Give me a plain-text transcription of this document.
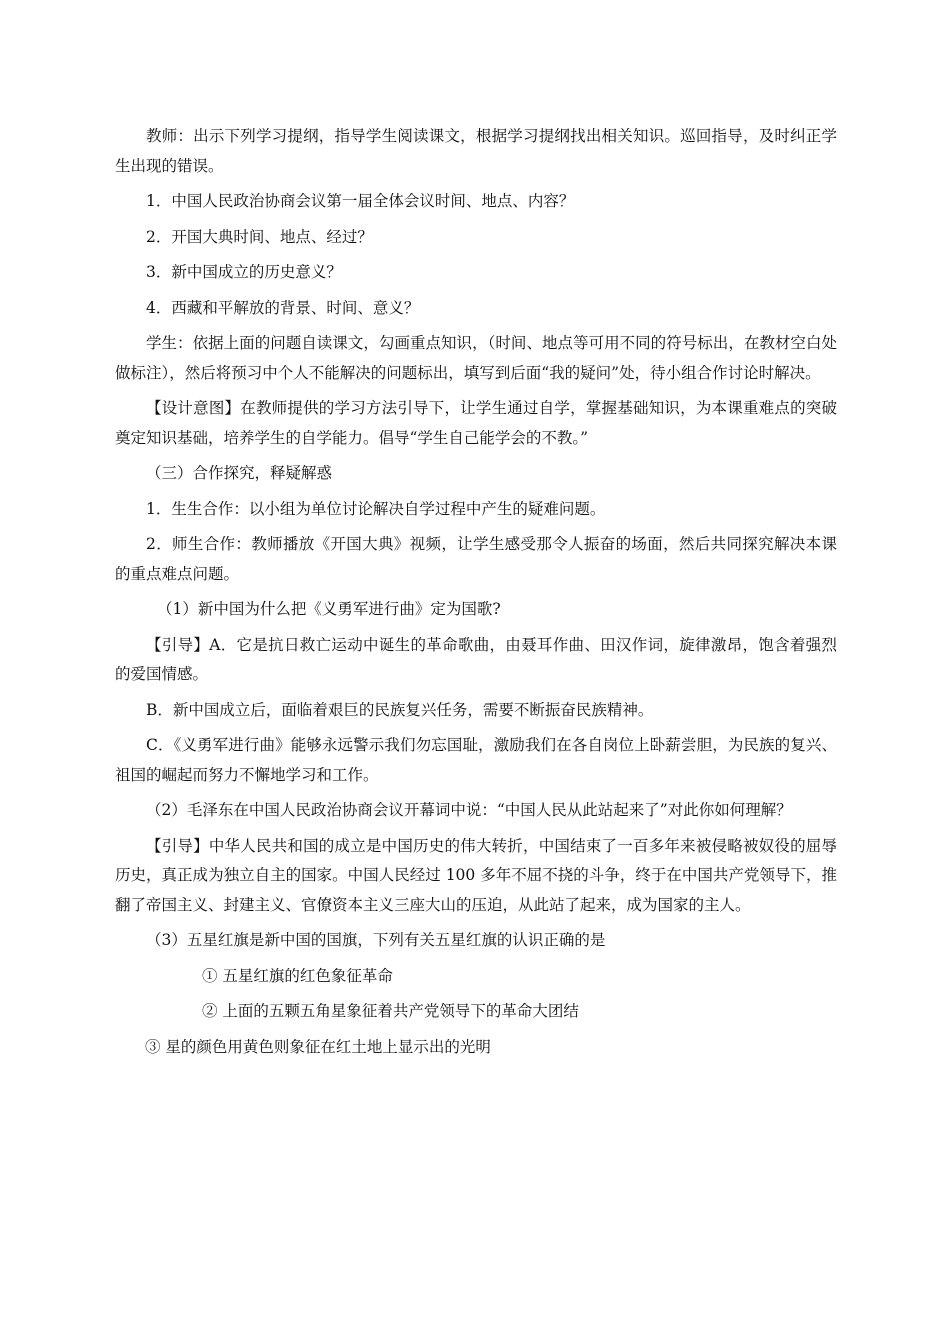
教师：出示下列学习提纲，指导学生阅读课文，根据学习提纲找出相关知识。巡回指导，及时纠正学生出现的错误。

1．中国人民政治协商会议第一届全体会议时间、地点、内容？

2．开国大典时间、地点、经过？

3．新中国成立的历史意义？

4．西藏和平解放的背景、时间、意义？

学生：依据上面的问题自读课文，勾画重点知识，（时间、地点等可用不同的符号标出，在教材空白处做标注），然后将预习中个人不能解决的问题标出，填写到后面“我的疑问”处，待小组合作讨论时解决。

【设计意图】在教师提供的学习方法引导下，让学生通过自学，掌握基础知识，为本课重难点的突破奠定知识基础，培养学生的自学能力。倡导“学生自己能学会的不教。”

（三）合作探究，释疑解惑

1．生生合作：以小组为单位讨论解决自学过程中产生的疑难问题。

2．师生合作：教师播放《开国大典》视频，让学生感受那令人振奋的场面，然后共同探究解决本课的重点难点问题。

（1）新中国为什么把《义勇军进行曲》定为国歌?

【引导】A．它是抗日救亡运动中诞生的革命歌曲，由聂耳作曲、田汉作词，旋律激昂，饱含着强烈的爱国情感。

B．新中国成立后，面临着艰巨的民族复兴任务，需要不断振奋民族精神。

C．《义勇军进行曲》能够永远警示我们勿忘国耻，激励我们在各自岗位上卧薪尝胆，为民族的复兴、祖国的崛起而努力不懈地学习和工作。

（2）毛泽东在中国人民政治协商会议开幕词中说：“中国人民从此站起来了”对此你如何理解？

【引导】中华人民共和国的成立是中国历史的伟大转折，中国结束了一百多年来被侵略被奴役的屈辱历史，真正成为独立自主的国家。中国人民经过 100 多年不屈不挠的斗争，终于在中国共产党领导下，推翻了帝国主义、封建主义、官僚资本主义三座大山的压迫，从此站了起来，成为国家的主人。

（3）五星红旗是新中国的国旗，下列有关五星红旗的认识正确的是

① 五星红旗的红色象征革命

② 上面的五颗五角星象征着共产党领导下的革命大团结

③ 星的颜色用黄色则象征在红土地上显示出的光明
